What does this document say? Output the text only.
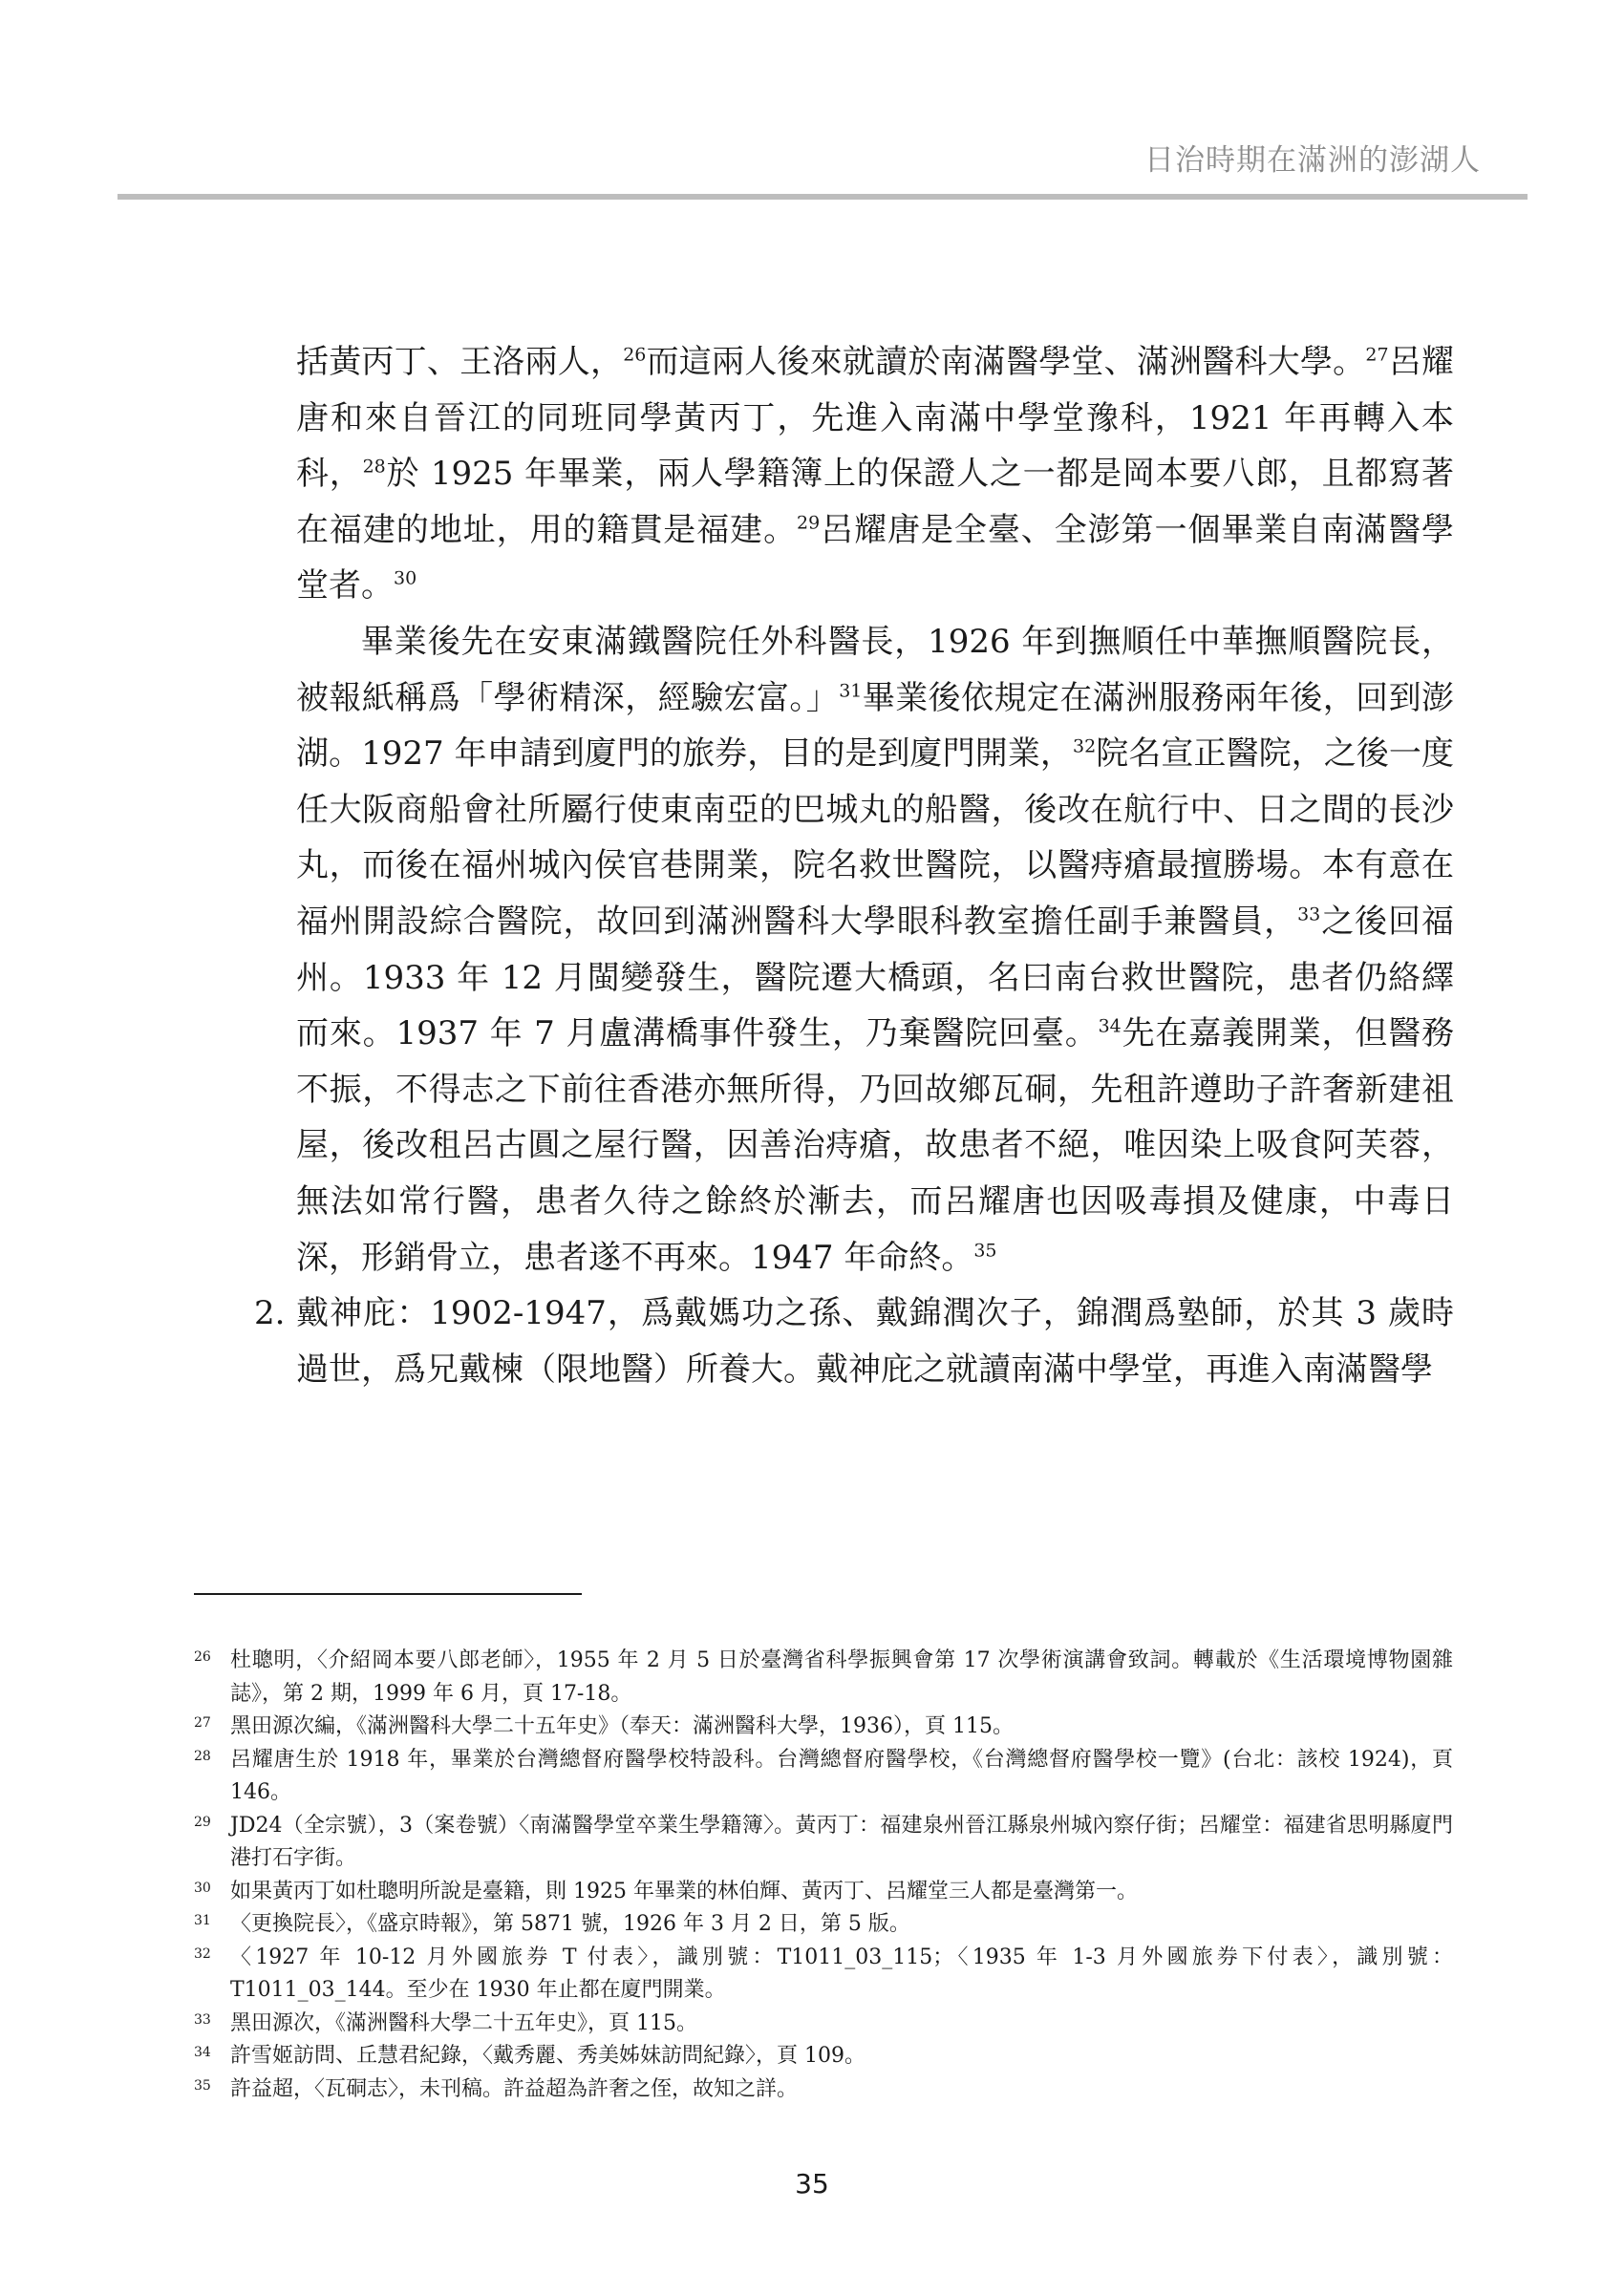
日治時期在滿洲的澎湖人

括黃丙丁、王洛兩人，$^{26}$而這兩人後來就讀於南滿醫學堂、滿洲醫科大學。$^{27}$呂耀唐和來自晉江的同班同學黃丙丁，先進入南滿中學堂豫科，1921 年再轉入本科，$^{28}$於 1925 年畢業，兩人學籍簿上的保證人之一都是岡本要八郎，且都寫著在福建的地址，用的籍貫是福建。$^{29}$呂耀唐是全臺、全澎第一個畢業自南滿醫學堂者。$^{30}$

畢業後先在安東滿鐵醫院任外科醫長，1926 年到撫順任中華撫順醫院長，被報紙稱爲「學術精深，經驗宏富。」$^{31}$畢業後依規定在滿洲服務兩年後，回到澎湖。1927 年申請到廈門的旅券，目的是到廈門開業，$^{32}$院名宣正醫院，之後一度任大阪商船會社所屬行使東南亞的巴城丸的船醫，後改在航行中、日之間的長沙丸，而後在福州城內侯官巷開業，院名救世醫院，以醫痔瘡最擅勝場。本有意在福州開設綜合醫院，故回到滿洲醫科大學眼科教室擔任副手兼醫員，$^{33}$之後回福州。1933 年 12 月閩變發生，醫院遷大橋頭，名曰南台救世醫院，患者仍絡繹而來。1937 年 7 月盧溝橋事件發生，乃棄醫院回臺。$^{34}$先在嘉義開業，但醫務不振，不得志之下前往香港亦無所得，乃回故鄉瓦硐，先租許遵助子許奢新建祖屋，後改租呂古圓之屋行醫，因善治痔瘡，故患者不絕，唯因染上吸食阿芙蓉，無法如常行醫，患者久待之餘終於漸去，而呂耀唐也因吸毒損及健康，中毒日深，形銷骨立，患者遂不再來。1947 年命終。$^{35}$

2. 戴神庇：1902-1947，爲戴媽功之孫、戴錦潤次子，錦潤爲塾師，於其 3 歲時過世，爲兄戴楝（限地醫）所養大。戴神庇之就讀南滿中學堂，再進入南滿醫學

26 杜聰明，〈介紹岡本要八郎老師〉，1955 年 2 月 5 日於臺灣省科學振興會第 17 次學術演講會致詞。轉載於《生活環境博物園雜誌》，第 2 期，1999 年 6 月，頁 17-18。
27 黑田源次編，《滿洲醫科大學二十五年史》（奉天：滿洲醫科大學，1936），頁 115。
28 呂耀唐生於 1918 年，畢業於台灣總督府醫學校特設科。台灣總督府醫學校，《台灣總督府醫學校一覽》(台北：該校 1924)，頁 146。
29 JD24（全宗號），3（案卷號）〈南滿醫學堂卒業生學籍簿〉。黃丙丁：福建泉州晉江縣泉州城內察仔街；呂耀堂：福建省思明縣廈門港打石字街。
30 如果黃丙丁如杜聰明所說是臺籍，則 1925 年畢業的林伯輝、黃丙丁、呂耀堂三人都是臺灣第一。
31 〈更換院長〉，《盛京時報》，第 5871 號，1926 年 3 月 2 日，第 5 版。
32 〈1927 年 10-12 月外國旅券 T 付表〉，識別號：T1011_03_115；〈1935 年 1-3 月外國旅券下付表〉，識別號：T1011_03_144。至少在 1930 年止都在廈門開業。
33 黑田源次，《滿洲醫科大學二十五年史》，頁 115。
34 許雪姬訪問、丘慧君紀錄，〈戴秀麗、秀美姊妹訪問紀錄〉，頁 109。
35 許益超，〈瓦硐志〉，未刊稿。許益超為許奢之侄，故知之詳。
35
